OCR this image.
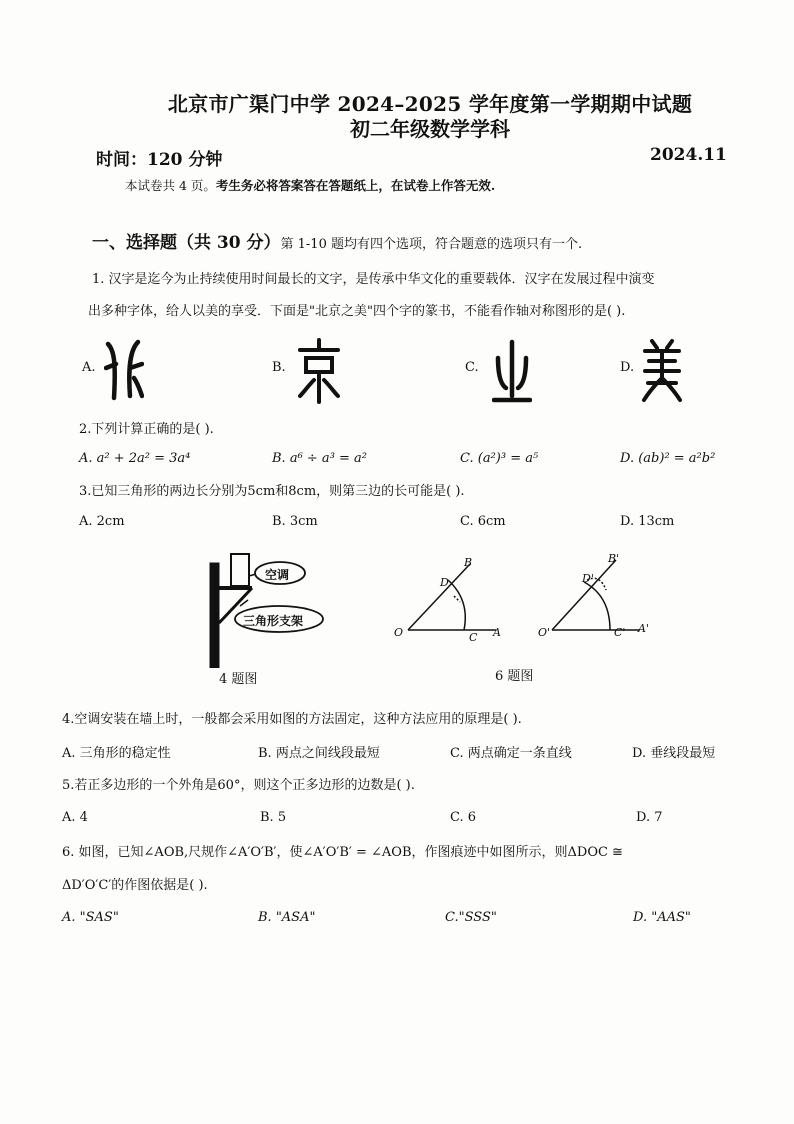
北京市广渠门中学 2024–2025 学年度第一学期期中试题
初二年级数学学科
时间：120 分钟	2024.11
本试卷共 4 页。考生务必将答案答在答题纸上，在试卷上作答无效.
一、选择题（共 30 分）第 1-10 题均有四个选项，符合题意的选项只有一个.
1. 汉字是迄今为止持续使用时间最长的文字，是传承中华文化的重要载体．汉字在发展过程中演变
出多种字体，给人以美的享受．下面是"北京之美"四个字的篆书，不能看作轴对称图形的是( ).
A.	B.	C.	D.
2.下列计算正确的是( ).
A. a² + 2a² = 3a⁴	B. a⁶ ÷ a³ = a²	C. (a²)³ = a⁵	D. (ab)² = a²b²
3.已知三角形的两边长分别为5cm和8cm，则第三边的长可能是( ).
A. 2cm	B. 3cm	C. 6cm	D. 13cm
空调
三角形支架
4 题图
O	A
B
C
D
O'	A'
B'
C'
D'
6 题图
4.空调安装在墙上时，一般都会采用如图的方法固定，这种方法应用的原理是( ).
A. 三角形的稳定性	B. 两点之间线段最短	C. 两点确定一条直线	D. 垂线段最短
5.若正多边形的一个外角是60°，则这个正多边形的边数是( ).
A. 4	B. 5	C. 6	D. 7
6. 如图，已知∠AOB,尺规作∠A′O′B′，使∠A′O′B′ = ∠AOB，作图痕迹中如图所示，则ΔDOC ≅
ΔD′O′C′的作图依据是( ).
A. "SAS"	B. "ASA"	C."SSS"	D. "AAS"
